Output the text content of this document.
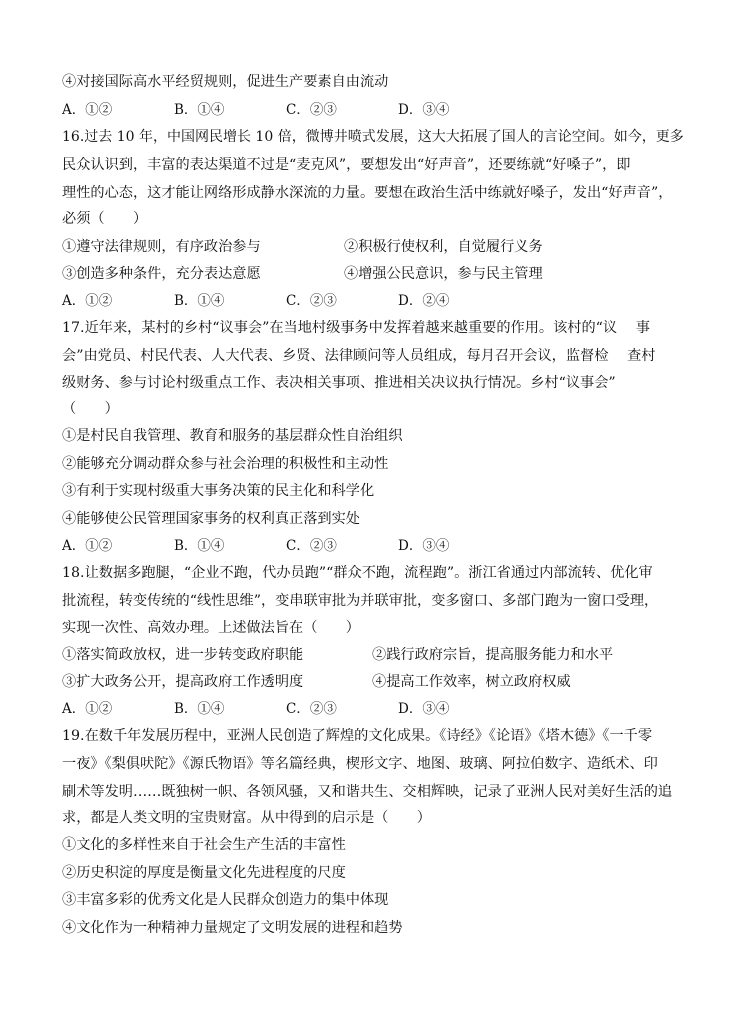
④对接国际高水平经贸规则，促进生产要素自由流动
A．①②	B．①④	C．②③	D．③④
16.过去 10 年，中国网民增长 10 倍，微博井喷式发展，这大大拓展了国人的言论空间。如今，更多
民众认识到，丰富的表达渠道不过是“麦克风”，要想发出“好声音”，还要练就“好嗓子”，即
理性的心态，这才能让网络形成静水深流的力量。要想在政治生活中练就好嗓子，发出“好声音”，
必须（　　）
①遵守法律规则，有序政治参与	②积极行使权利，自觉履行义务
③创造多种条件，充分表达意愿	④增强公民意识，参与民主管理
A．①②	B．①④	C．②③	D．②④
17.近年来，某村的乡村“议事会”在当地村级事务中发挥着越来越重要的作用。该村的“议　 事
会”由党员、村民代表、人大代表、乡贤、法律顾问等人员组成，每月召开会议，监督检　 查村
级财务、参与讨论村级重点工作、表决相关事项、推进相关决议执行情况。乡村“议事会”
（　　）
①是村民自我管理、教育和服务的基层群众性自治组织
②能够充分调动群众参与社会治理的积极性和主动性
③有利于实现村级重大事务决策的民主化和科学化
④能够使公民管理国家事务的权利真正落到实处
A．①②	B．①④	C．②③	D．③④
18.让数据多跑腿，“企业不跑，代办员跑”“群众不跑，流程跑”。浙江省通过内部流转、优化审
批流程，转变传统的“线性思维”，变串联审批为并联审批，变多窗口、多部门跑为一窗口受理，
实现一次性、高效办理。上述做法旨在（　　）
①落实简政放权，进一步转变政府职能	②践行政府宗旨，提高服务能力和水平
③扩大政务公开，提高政府工作透明度	④提高工作效率，树立政府权威
A．①②	B．①④	C．②③	D．③④
19.在数千年发展历程中，亚洲人民创造了辉煌的文化成果。《诗经》《论语》《塔木德》《一千零
一夜》《梨俱吠陀》《源氏物语》等名篇经典，楔形文字、地图、玻璃、阿拉伯数字、造纸术、印
刷术等发明……既独树一帜、各领风骚，又和谐共生、交相辉映，记录了亚洲人民对美好生活的追
求，都是人类文明的宝贵财富。从中得到的启示是（　　）
①文化的多样性来自于社会生产生活的丰富性
②历史积淀的厚度是衡量文化先进程度的尺度
③丰富多彩的优秀文化是人民群众创造力的集中体现
④文化作为一种精神力量规定了文明发展的进程和趋势
